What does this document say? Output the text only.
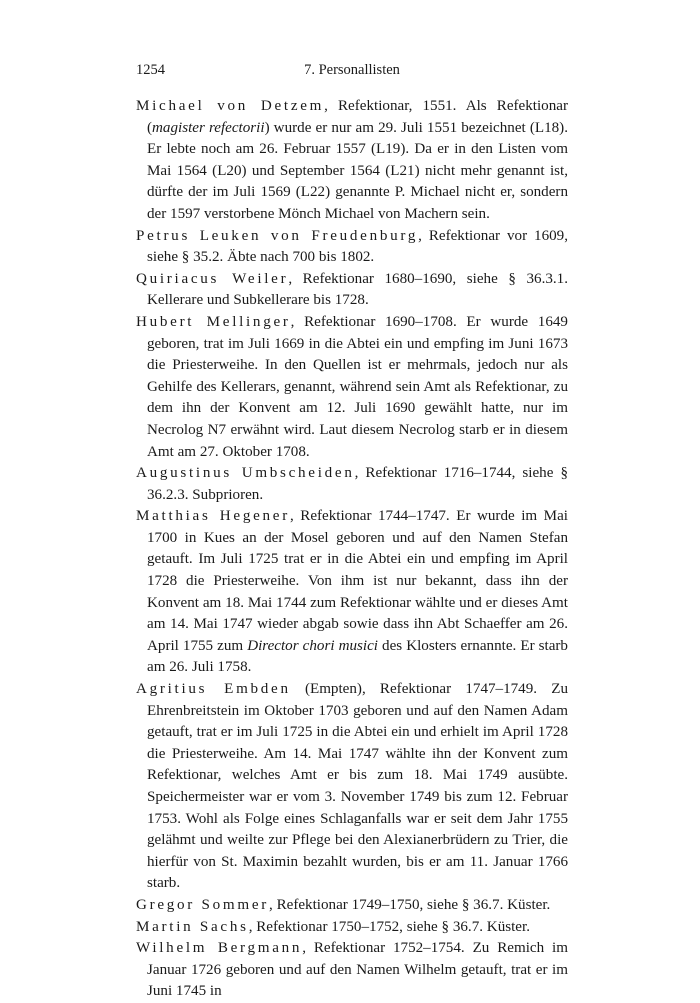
1254	7. Personallisten

Michael von Detzem, Refektionar, 1551. Als Refektionar (magister refectorii) wurde er nur am 29. Juli 1551 bezeichnet (L18). Er lebte noch am 26. Februar 1557 (L19). Da er in den Listen vom Mai 1564 (L20) und September 1564 (L21) nicht mehr genannt ist, dürfte der im Juli 1569 (L22) genannte P. Michael nicht er, sondern der 1597 verstorbene Mönch Michael von Machern sein.

Petrus Leuken von Freudenburg, Refektionar vor 1609, siehe § 35.2. Äbte nach 700 bis 1802.

Quiriacus Weiler, Refektionar 1680–1690, siehe § 36.3.1. Kellerare und Subkellerare bis 1728.

Hubert Mellinger, Refektionar 1690–1708. Er wurde 1649 geboren, trat im Juli 1669 in die Abtei ein und empfing im Juni 1673 die Priesterweihe. In den Quellen ist er mehrmals, jedoch nur als Gehilfe des Kellerars, genannt, während sein Amt als Refektionar, zu dem ihn der Konvent am 12. Juli 1690 gewählt hatte, nur im Necrolog N7 erwähnt wird. Laut diesem Necrolog starb er in diesem Amt am 27. Oktober 1708.

Augustinus Umbscheiden, Refektionar 1716–1744, siehe § 36.2.3. Subprioren.

Matthias Hegener, Refektionar 1744–1747. Er wurde im Mai 1700 in Kues an der Mosel geboren und auf den Namen Stefan getauft. Im Juli 1725 trat er in die Abtei ein und empfing im April 1728 die Priesterweihe. Von ihm ist nur bekannt, dass ihn der Konvent am 18. Mai 1744 zum Refektionar wählte und er dieses Amt am 14. Mai 1747 wieder abgab sowie dass ihn Abt Schaeffer am 26. April 1755 zum Director chori musici des Klosters ernannte. Er starb am 26. Juli 1758.

Agritius Embden (Empten), Refektionar 1747–1749. Zu Ehrenbreitstein im Oktober 1703 geboren und auf den Namen Adam getauft, trat er im Juli 1725 in die Abtei ein und erhielt im April 1728 die Priesterweihe. Am 14. Mai 1747 wählte ihn der Konvent zum Refektionar, welches Amt er bis zum 18. Mai 1749 ausübte. Speichermeister war er vom 3. November 1749 bis zum 12. Februar 1753. Wohl als Folge eines Schlaganfalls war er seit dem Jahr 1755 gelähmt und weilte zur Pflege bei den Alexianerbrüdern zu Trier, die hierfür von St. Maximin bezahlt wurden, bis er am 11. Januar 1766 starb.

Gregor Sommer, Refektionar 1749–1750, siehe § 36.7. Küster.

Martin Sachs, Refektionar 1750–1752, siehe § 36.7. Küster.

Wilhelm Bergmann, Refektionar 1752–1754. Zu Remich im Januar 1726 geboren und auf den Namen Wilhelm getauft, trat er im Juni 1745 in
